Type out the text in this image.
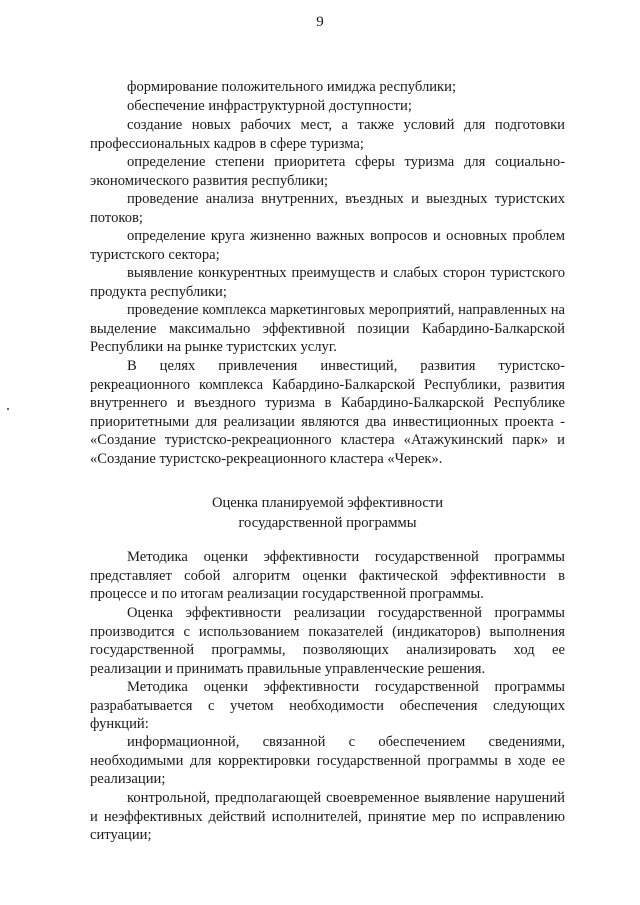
9
формирование положительного имиджа республики;
обеспечение инфраструктурной доступности;
создание новых рабочих мест, а также условий для подготовки профессиональных кадров в сфере туризма;
определение степени приоритета сферы туризма для социально-экономического развития республики;
проведение анализа внутренних, въездных и выездных туристских потоков;
определение круга жизненно важных вопросов и основных проблем туристского сектора;
выявление конкурентных преимуществ и слабых сторон туристского продукта республики;
проведение комплекса маркетинговых мероприятий, направленных на выделение максимально эффективной позиции Кабардино-Балкарской Республики на рынке туристских услуг.
В целях привлечения инвестиций, развития туристско-рекреационного комплекса Кабардино-Балкарской Республики, развития внутреннего и въездного туризма в Кабардино-Балкарской Республике приоритетными для реализации являются два инвестиционных проекта - «Создание туристско-рекреационного кластера «Атажукинский парк» и «Создание туристско-рекреационного кластера «Черек».
Оценка планируемой эффективности
государственной программы
Методика оценки эффективности государственной программы представляет собой алгоритм оценки фактической эффективности в процессе и по итогам реализации государственной программы.
Оценка эффективности реализации государственной программы производится с использованием показателей (индикаторов) выполнения государственной программы, позволяющих анализировать ход ее реализации и принимать правильные управленческие решения.
Методика оценки эффективности государственной программы разрабатывается с учетом необходимости обеспечения следующих функций:
информационной, связанной с обеспечением сведениями, необходимыми для корректировки государственной программы в ходе ее реализации;
контрольной, предполагающей своевременное выявление нарушений и неэффективных действий исполнителей, принятие мер по исправлению ситуации;
